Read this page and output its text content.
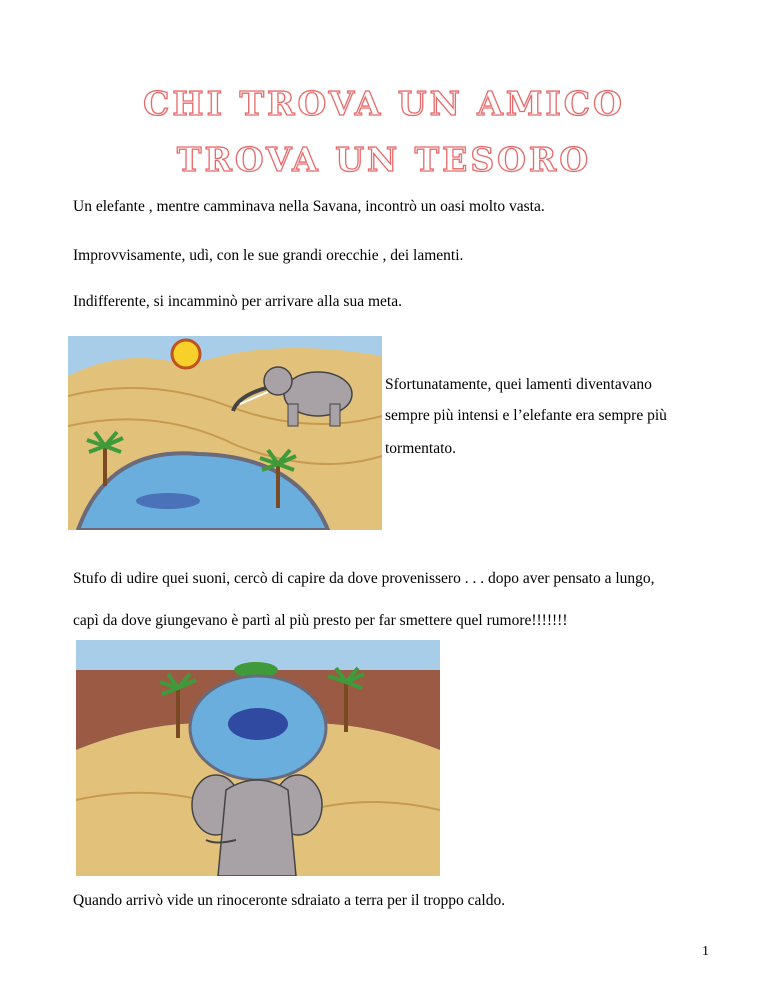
CHI TROVA UN AMICO
TROVA UN TESORO
Un elefante , mentre camminava nella Savana, incontrò un oasi molto vasta.
Improvvisamente, udì, con le sue grandi orecchie , dei lamenti.
Indifferente, si incamminò per arrivare alla sua meta.
Sfortunatamente, quei lamenti diventavano
sempre più intensi e l’elefante era sempre più
tormentato.
Stufo di udire quei suoni, cercò di capire da dove provenissero . . . dopo aver pensato a lungo,
capì da dove giungevano è partì al più presto per far smettere quel rumore!!!!!!!
Quando arrivò vide un rinoceronte sdraiato a terra per il troppo caldo.
1
